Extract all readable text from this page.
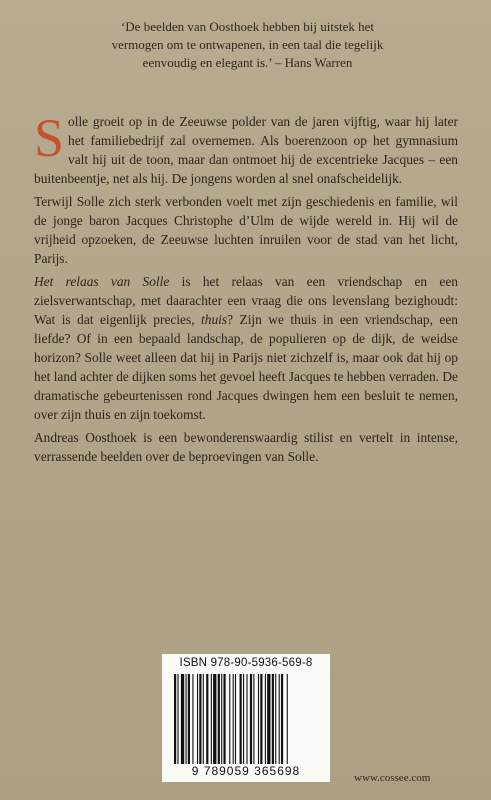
‘De beelden van Oosthoek hebben bij uitstek het
vermogen om te ontwapenen, in een taal die tegelijk
eenvoudig en elegant is.’ – Hans Warren

Solle groeit op in de Zeeuwse polder van de jaren vijftig, waar hij later het familiebedrijf zal overnemen. Als boerenzoon op het gymnasium valt hij uit de toon, maar dan ontmoet hij de excentrieke Jacques – een buitenbeentje, net als hij. De jongens worden al snel onafscheidelijk.

Terwijl Solle zich sterk verbonden voelt met zijn geschiedenis en familie, wil de jonge baron Jacques Christophe d’Ulm de wijde wereld in. Hij wil de vrijheid opzoeken, de Zeeuwse luchten inruilen voor de stad van het licht, Parijs.

Het relaas van Solle is het relaas van een vriendschap en een zielsverwantschap, met daarachter een vraag die ons levenslang bezighoudt: Wat is dat eigenlijk precies, thuis? Zijn we thuis in een vriendschap, een liefde? Of in een bepaald landschap, de populieren op de dijk, de weidse horizon? Solle weet alleen dat hij in Parijs niet zichzelf is, maar ook dat hij op het land achter de dijken soms het gevoel heeft Jacques te hebben verraden. De dramatische gebeurtenissen rond Jacques dwingen hem een besluit te nemen, over zijn thuis en zijn toekomst.

Andreas Oosthoek is een bewonderenswaardig stilist en vertelt in intense, verrassende beelden over de beproevingen van Solle.

ISBN 978-90-5936-569-8
9 789059 365698	www.cossee.com
